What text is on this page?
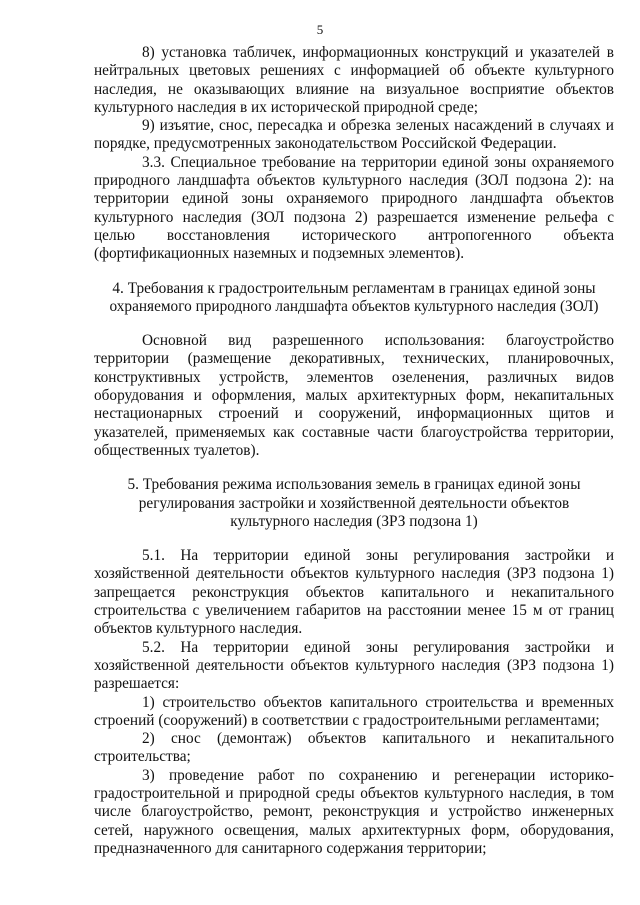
5

8) установка табличек, информационных конструкций и указателей в нейтральных цветовых решениях с информацией об объекте культурного наследия, не оказывающих влияние на визуальное восприятие объектов культурного наследия в их исторической природной среде;

9) изъятие, снос, пересадка и обрезка зеленых насаждений в случаях и порядке, предусмотренных законодательством Российской Федерации.

3.3. Специальное требование на территории единой зоны охраняемого природного ландшафта объектов культурного наследия (ЗОЛ подзона 2): на территории единой зоны охраняемого природного ландшафта объектов культурного наследия (ЗОЛ подзона 2) разрешается изменение рельефа с целью восстановления исторического антропогенного объекта (фортификационных наземных и подземных элементов).

4. Требования к градостроительным регламентам в границах единой зоны охраняемого природного ландшафта объектов культурного наследия (ЗОЛ)

Основной вид разрешенного использования: благоустройство территории (размещение декоративных, технических, планировочных, конструктивных устройств, элементов озеленения, различных видов оборудования и оформления, малых архитектурных форм, некапитальных нестационарных строений и сооружений, информационных щитов и указателей, применяемых как составные части благоустройства территории, общественных туалетов).

5. Требования режима использования земель в границах единой зоны регулирования застройки и хозяйственной деятельности объектов культурного наследия (ЗРЗ подзона 1)

5.1. На территории единой зоны регулирования застройки и хозяйственной деятельности объектов культурного наследия (ЗРЗ подзона 1) запрещается реконструкция объектов капитального и некапитального строительства с увеличением габаритов на расстоянии менее 15 м от границ объектов культурного наследия.

5.2. На территории единой зоны регулирования застройки и хозяйственной деятельности объектов культурного наследия (ЗРЗ подзона 1) разрешается:

1) строительство объектов капитального строительства и временных строений (сооружений) в соответствии с градостроительными регламентами;

2) снос (демонтаж) объектов капитального и некапитального строительства;

3) проведение работ по сохранению и регенерации историко-градостроительной и природной среды объектов культурного наследия, в том числе благоустройство, ремонт, реконструкция и устройство инженерных сетей, наружного освещения, малых архитектурных форм, оборудования, предназначенного для санитарного содержания территории;
